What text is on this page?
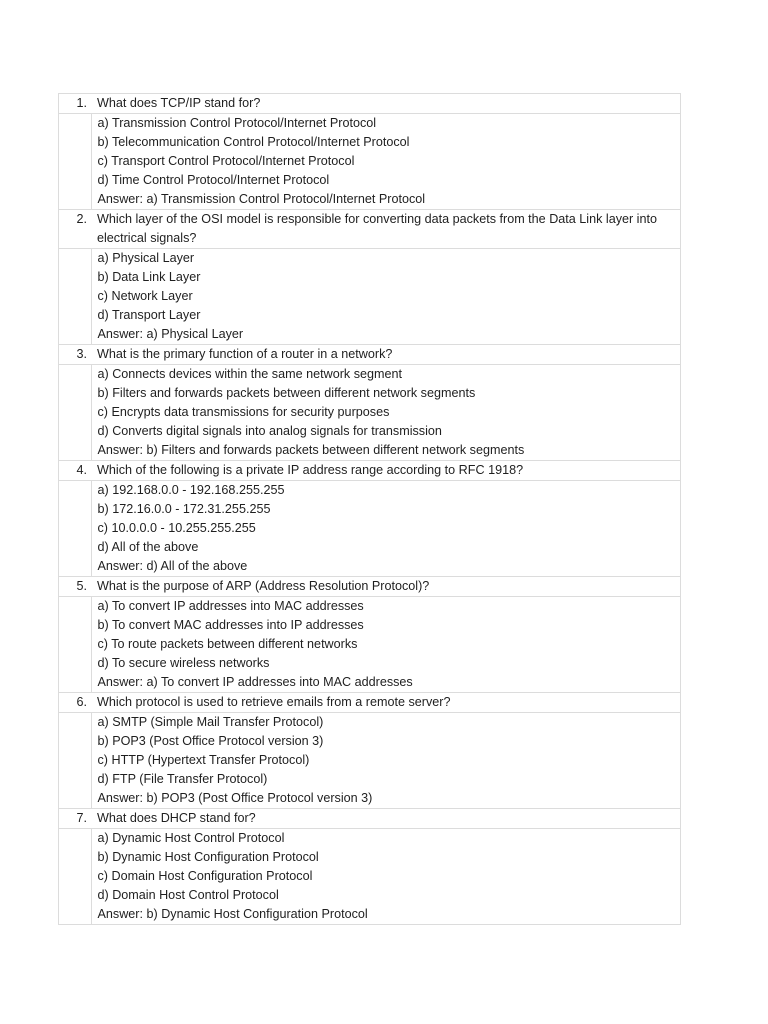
1.	What does TCP/IP stand for?

	a) Transmission Control Protocol/Internet Protocol
b) Telecommunication Control Protocol/Internet Protocol
c) Transport Control Protocol/Internet Protocol
d) Time Control Protocol/Internet Protocol
Answer: a) Transmission Control Protocol/Internet Protocol

2.	Which layer of the OSI model is responsible for converting data packets from the Data Link layer into electrical signals?

	a) Physical Layer
b) Data Link Layer
c) Network Layer
d) Transport Layer
Answer: a) Physical Layer

3.	What is the primary function of a router in a network?

	a) Connects devices within the same network segment
b) Filters and forwards packets between different network segments
c) Encrypts data transmissions for security purposes
d) Converts digital signals into analog signals for transmission
Answer: b) Filters and forwards packets between different network segments

4.	Which of the following is a private IP address range according to RFC 1918?

	a) 192.168.0.0 - 192.168.255.255
b) 172.16.0.0 - 172.31.255.255
c) 10.0.0.0 - 10.255.255.255
d) All of the above
Answer: d) All of the above

5.	What is the purpose of ARP (Address Resolution Protocol)?

	a) To convert IP addresses into MAC addresses
b) To convert MAC addresses into IP addresses
c) To route packets between different networks
d) To secure wireless networks
Answer: a) To convert IP addresses into MAC addresses

6.	Which protocol is used to retrieve emails from a remote server?

	a) SMTP (Simple Mail Transfer Protocol)
b) POP3 (Post Office Protocol version 3)
c) HTTP (Hypertext Transfer Protocol)
d) FTP (File Transfer Protocol)
Answer: b) POP3 (Post Office Protocol version 3)

7.	What does DHCP stand for?

	a) Dynamic Host Control Protocol
b) Dynamic Host Configuration Protocol
c) Domain Host Configuration Protocol
d) Domain Host Control Protocol
Answer: b) Dynamic Host Configuration Protocol
